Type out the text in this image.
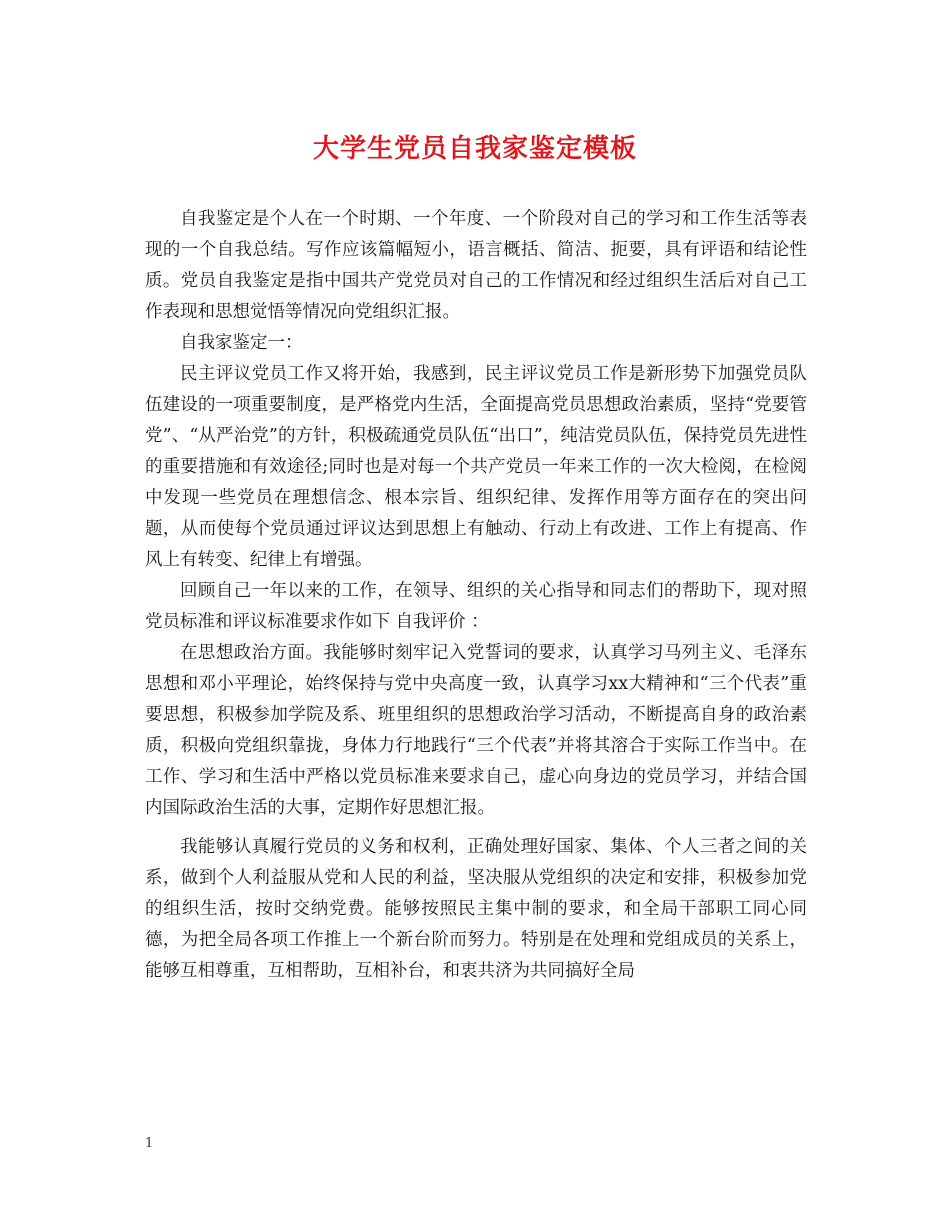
大学生党员自我家鉴定模板

自我鉴定是个人在一个时期、一个年度、一个阶段对自己的学习和工作生活等表现的一个自我总结。写作应该篇幅短小，语言概括、简洁、扼要，具有评语和结论性质。党员自我鉴定是指中国共产党党员对自己的工作情况和经过组织生活后对自己工作表现和思想觉悟等情况向党组织汇报。

自我家鉴定一：

民主评议党员工作又将开始，我感到，民主评议党员工作是新形势下加强党员队伍建设的一项重要制度，是严格党内生活，全面提高党员思想政治素质，坚持“党要管党”、“从严治党”的方针，积极疏通党员队伍“出口”，纯洁党员队伍，保持党员先进性的重要措施和有效途径;同时也是对每一个共产党员一年来工作的一次大检阅，在检阅中发现一些党员在理想信念、根本宗旨、组织纪律、发挥作用等方面存在的突出问题，从而使每个党员通过评议达到思想上有触动、行动上有改进、工作上有提高、作风上有转变、纪律上有增强。

回顾自己一年以来的工作，在领导、组织的关心指导和同志们的帮助下，现对照党员标准和评议标准要求作如下 自我评价 ：

在思想政治方面。我能够时刻牢记入党誓词的要求，认真学习马列主义、毛泽东思想和邓小平理论，始终保持与党中央高度一致，认真学习xx大精神和“三个代表”重要思想，积极参加学院及系、班里组织的思想政治学习活动，不断提高自身的政治素质，积极向党组织靠拢，身体力行地践行“三个代表”并将其溶合于实际工作当中。在工作、学习和生活中严格以党员标准来要求自己，虚心向身边的党员学习，并结合国内国际政治生活的大事，定期作好思想汇报。

我能够认真履行党员的义务和权利，正确处理好国家、集体、个人三者之间的关系，做到个人利益服从党和人民的利益，坚决服从党组织的决定和安排，积极参加党的组织生活，按时交纳党费。能够按照民主集中制的要求，和全局干部职工同心同德，为把全局各项工作推上一个新台阶而努力。特别是在处理和党组成员的关系上，能够互相尊重，互相帮助，互相补台，和衷共济为共同搞好全局

1
